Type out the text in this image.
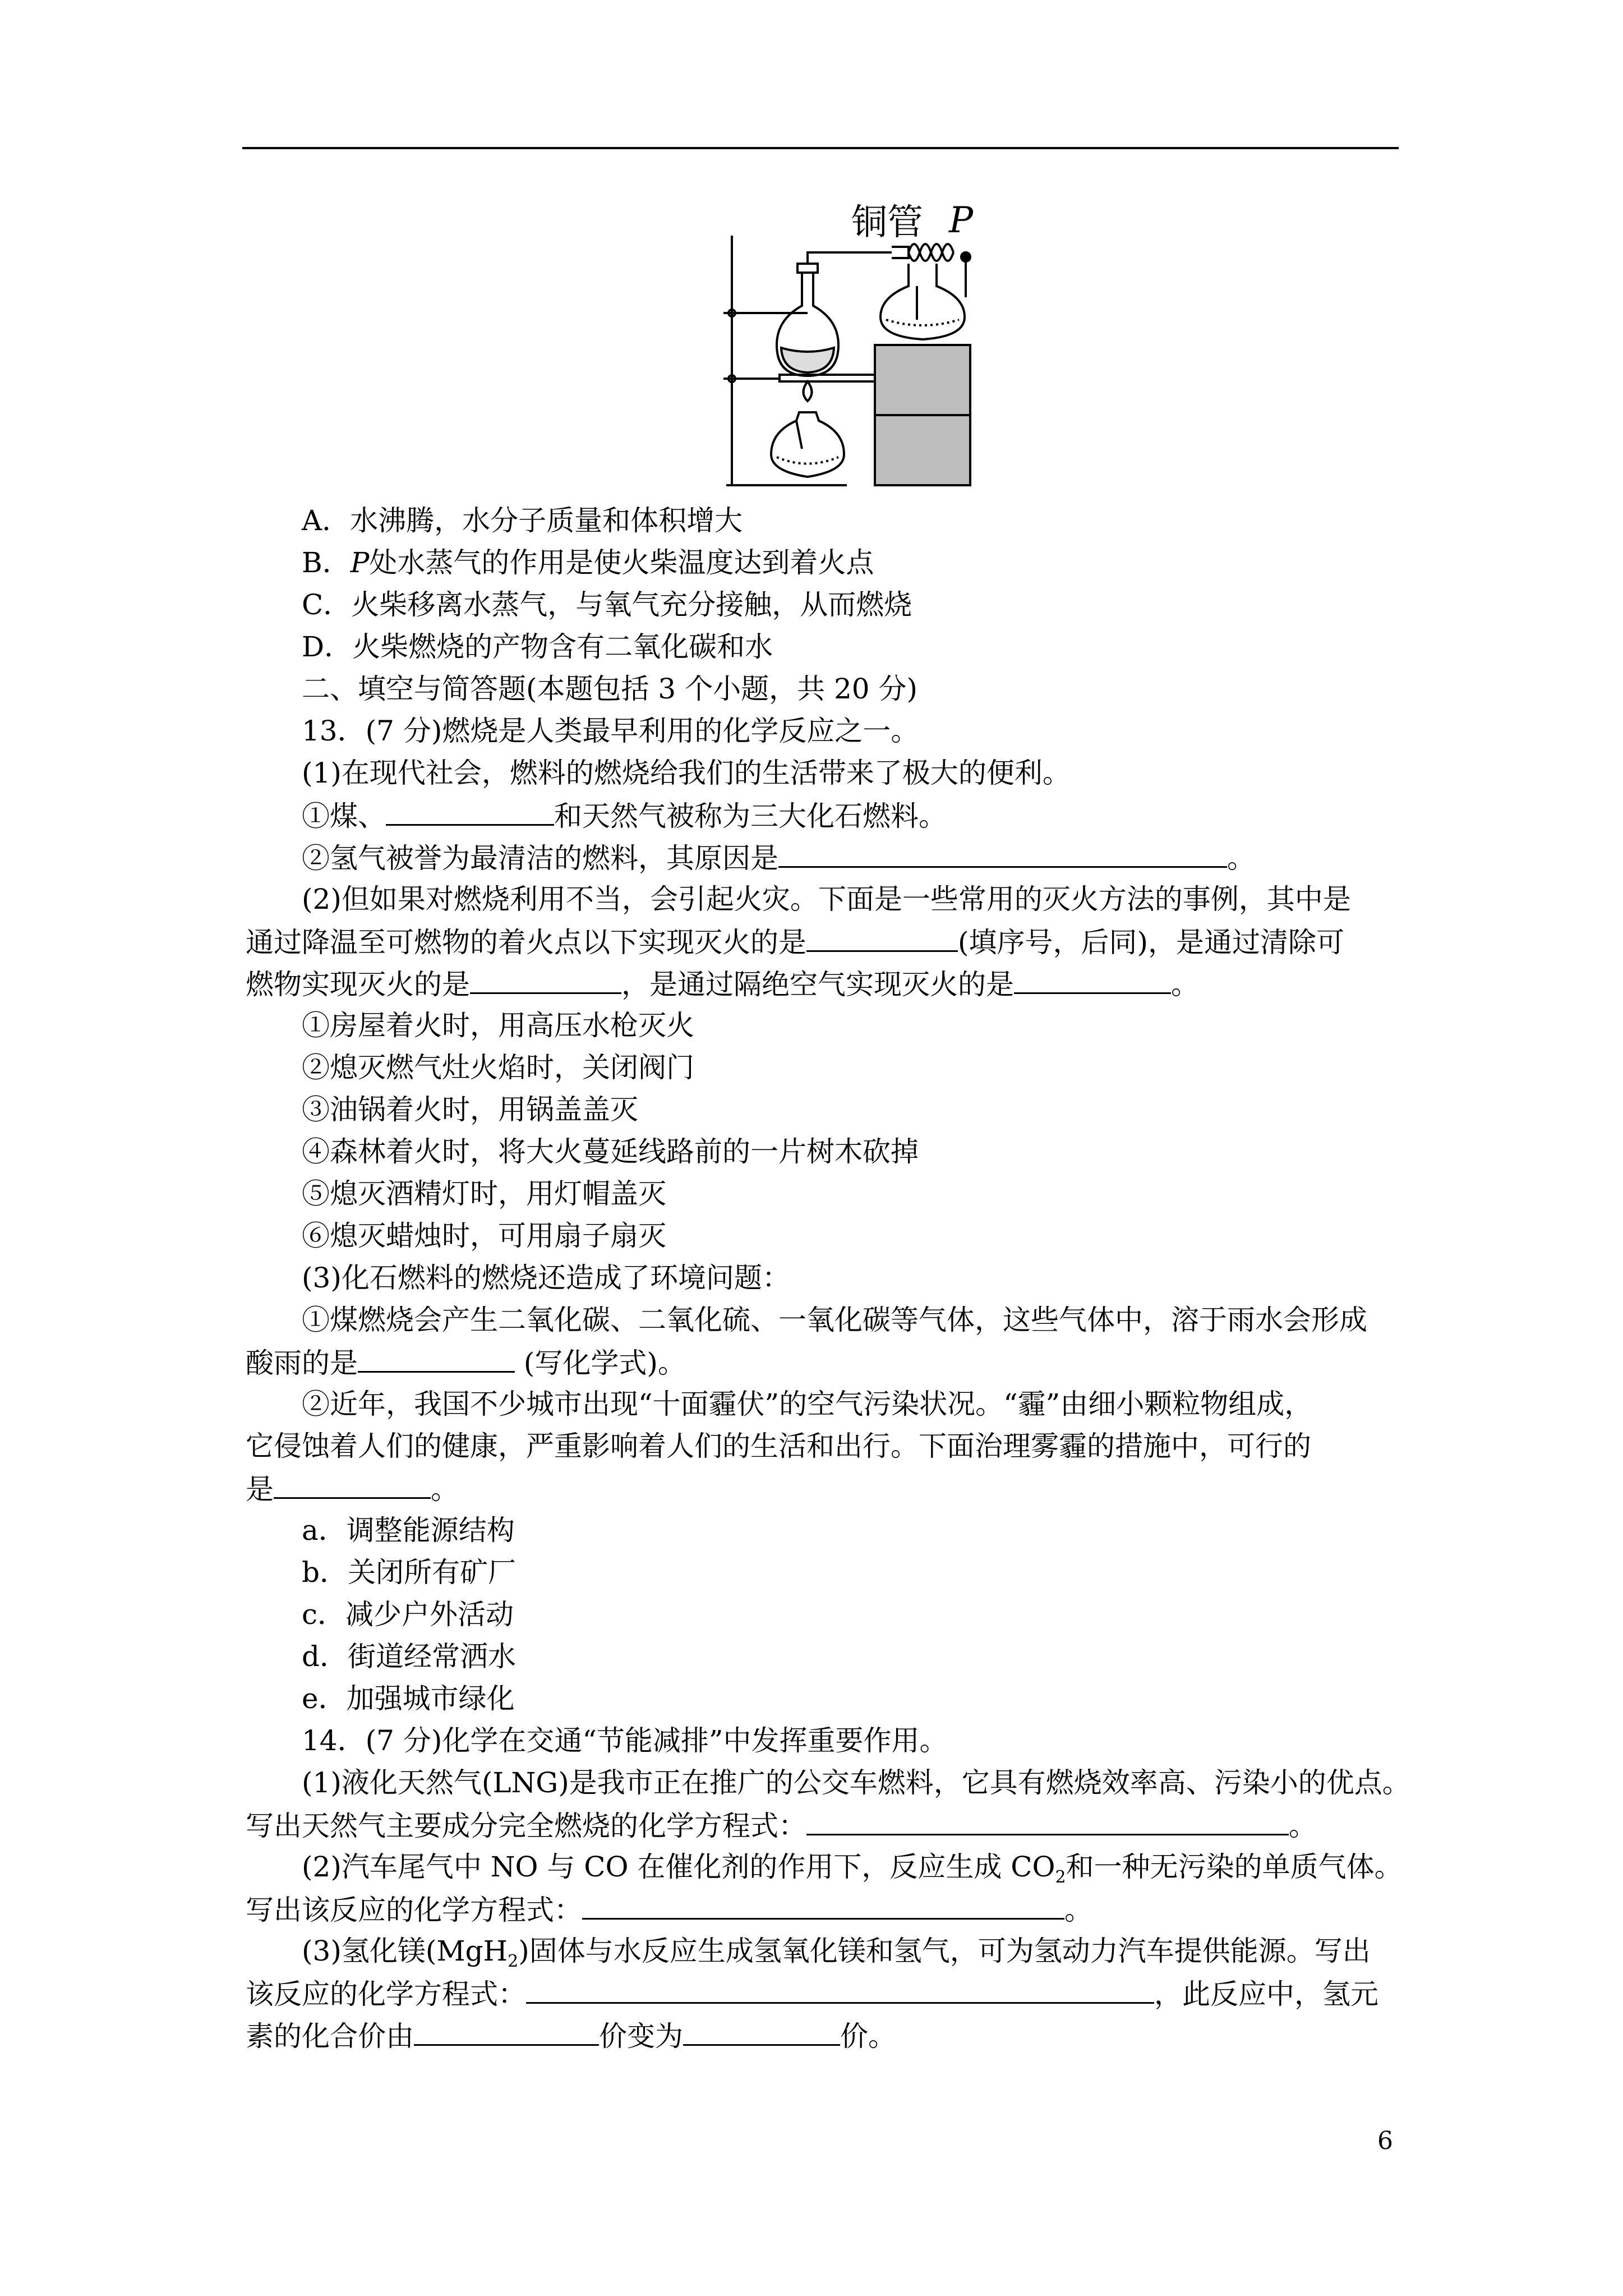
铜管 P
A．水沸腾，水分子质量和体积增大
B．P处水蒸气的作用是使火柴温度达到着火点
C．火柴移离水蒸气，与氧气充分接触，从而燃烧
D．火柴燃烧的产物含有二氧化碳和水
二、填空与简答题(本题包括 3 个小题，共 20 分)
13．(7 分)燃烧是人类最早利用的化学反应之一。
(1)在现代社会，燃料的燃烧给我们的生活带来了极大的便利。
①煤、	和天然气被称为三大化石燃料。
②氢气被誉为最清洁的燃料，其原因是	。
(2)但如果对燃烧利用不当，会引起火灾。下面是一些常用的灭火方法的事例，其中是
通过降温至可燃物的着火点以下实现灭火的是	(填序号，后同)，是通过清除可
燃物实现灭火的是	，是通过隔绝空气实现灭火的是	。
①房屋着火时，用高压水枪灭火
②熄灭燃气灶火焰时，关闭阀门
③油锅着火时，用锅盖盖灭
④森林着火时，将大火蔓延线路前的一片树木砍掉
⑤熄灭酒精灯时，用灯帽盖灭
⑥熄灭蜡烛时，可用扇子扇灭
(3)化石燃料的燃烧还造成了环境问题：
①煤燃烧会产生二氧化碳、二氧化硫、一氧化碳等气体，这些气体中，溶于雨水会形成
酸雨的是	(写化学式)。
②近年，我国不少城市出现“十面霾伏”的空气污染状况。“霾”由细小颗粒物组成，
它侵蚀着人们的健康，严重影响着人们的生活和出行。下面治理雾霾的措施中，可行的
是	。
a．调整能源结构
b．关闭所有矿厂
c．减少户外活动
d．街道经常洒水
e．加强城市绿化
14．(7 分)化学在交通“节能减排”中发挥重要作用。
(1)液化天然气(LNG)是我市正在推广的公交车燃料，它具有燃烧效率高、污染小的优点。
写出天然气主要成分完全燃烧的化学方程式：	。
(2)汽车尾气中 NO 与 CO 在催化剂的作用下，反应生成 $CO_2$和一种无污染的单质气体。
写出该反应的化学方程式：	。
(3)氢化镁(MgH$_2$)固体与水反应生成氢氧化镁和氢气，可为氢动力汽车提供能源。写出
该反应的化学方程式：	，此反应中，氢元
素的化合价由	价变为	价。
6
